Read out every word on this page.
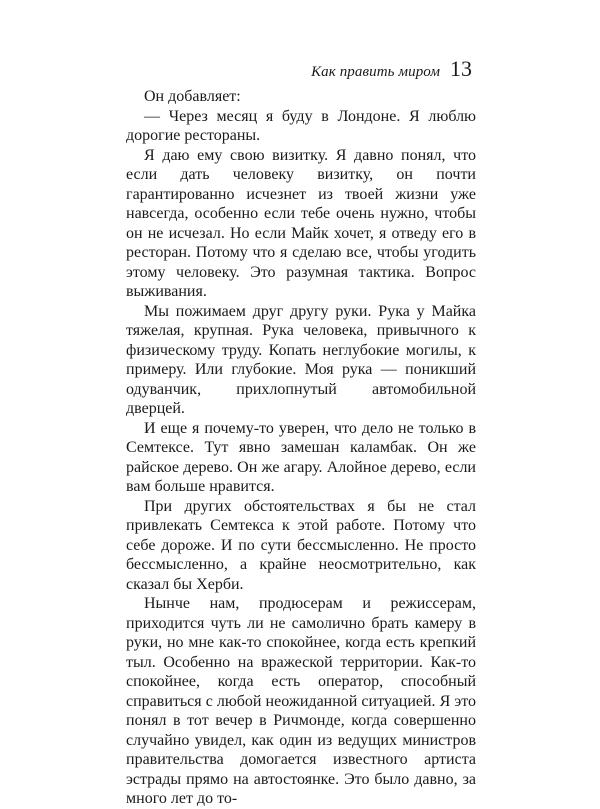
Как править миром 13

Он добавляет:

— Через месяц я буду в Лондоне. Я люблю дорогие рестораны.

Я даю ему свою визитку. Я давно понял, что если дать человеку визитку, он почти гарантированно исчезнет из твоей жизни уже навсегда, особенно если тебе очень нужно, чтобы он не исчезал. Но если Майк хочет, я отведу его в ресторан. Потому что я сделаю все, чтобы угодить этому человеку. Это разумная тактика. Вопрос выживания.

Мы пожимаем друг другу руки. Рука у Майка тяжелая, крупная. Рука человека, привычного к физическому труду. Копать неглубокие могилы, к примеру. Или глубокие. Моя рука — поникший одуванчик, прихлопнутый автомобильной дверцей.

И еще я почему-то уверен, что дело не только в Семтексе. Тут явно замешан каламбак. Он же райское дерево. Он же агару. Алойное дерево, если вам больше нравится.

При других обстоятельствах я бы не стал привлекать Семтекса к этой работе. Потому что себе дороже. И по сути бессмысленно. Не просто бессмысленно, а крайне неосмотрительно, как сказал бы Херби.

Нынче нам, продюсерам и режиссерам, приходится чуть ли не самолично брать камеру в руки, но мне как-то спокойнее, когда есть крепкий тыл. Особенно на вражеской территории. Как-то спокойнее, когда есть оператор, способный справиться с любой неожиданной ситуацией. Я это понял в тот вечер в Ричмонде, когда совершенно случайно увидел, как один из ведущих министров правительства домогается известного артиста эстрады прямо на автостоянке. Это было давно, за много лет до то-
